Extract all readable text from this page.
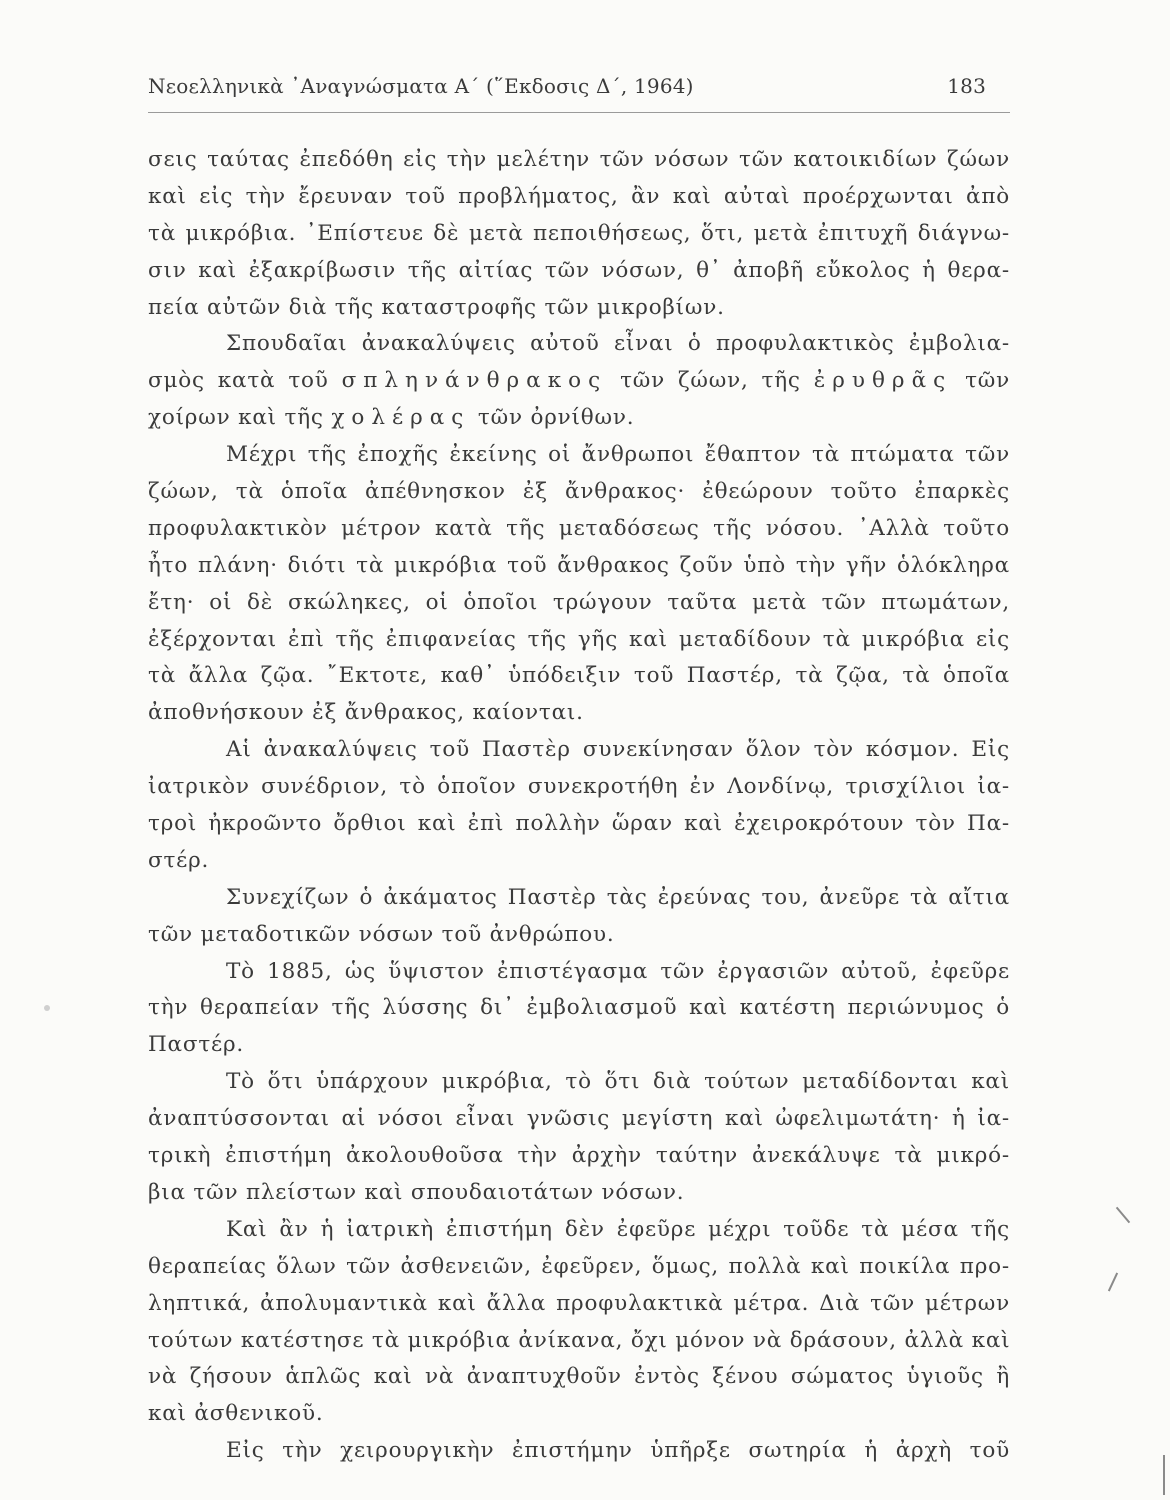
Νεοελληνικὰ ᾿Αναγνώσματα Α΄ (῞Εκδοσις Δ΄, 1964)	183
σεις ταύτας ἐπεδόθη εἰς τὴν μελέτην τῶν νόσων τῶν κατοικιδίων ζώων
καὶ εἰς τὴν ἔρευναν τοῦ προβλήματος, ἂν καὶ αὐταὶ προέρχωνται ἀπὸ
τὰ μικρόβια. ᾿Επίστευε δὲ μετὰ πεποιθήσεως, ὅτι, μετὰ ἐπιτυχῆ διάγνω-
σιν καὶ ἐξακρίβωσιν τῆς αἰτίας τῶν νόσων, θ᾿ ἀποβῆ εὔκολος ἡ θερα-
πεία αὐτῶν διὰ τῆς καταστροφῆς τῶν μικροβίων.
Σπουδαῖαι ἀνακαλύψεις αὐτοῦ εἶναι ὁ προφυλακτικὸς ἐμβολια-
σμὸς κατὰ τοῦ σπληνάνθρακος τῶν ζώων, τῆς ἐρυθρᾶς τῶν
χοίρων καὶ τῆς χολέρας τῶν ὀρνίθων.
Μέχρι τῆς ἐποχῆς ἐκείνης οἱ ἄνθρωποι ἔθαπτον τὰ πτώματα τῶν
ζώων, τὰ ὁποῖα ἀπέθνησκον ἐξ ἄνθρακος· ἐθεώρουν τοῦτο ἐπαρκὲς
προφυλακτικὸν μέτρον κατὰ τῆς μεταδόσεως τῆς νόσου. ᾿Αλλὰ τοῦτο
ἦτο πλάνη· διότι τὰ μικρόβια τοῦ ἄνθρακος ζοῦν ὑπὸ τὴν γῆν ὁλόκληρα
ἔτη· οἱ δὲ σκώληκες, οἱ ὁποῖοι τρώγουν ταῦτα μετὰ τῶν πτωμάτων,
ἐξέρχονται ἐπὶ τῆς ἐπιφανείας τῆς γῆς καὶ μεταδίδουν τὰ μικρόβια εἰς
τὰ ἄλλα ζῷα. ῎Εκτοτε, καθ᾿ ὑπόδειξιν τοῦ Παστέρ, τὰ ζῷα, τὰ ὁποῖα
ἀποθνήσκουν ἐξ ἄνθρακος, καίονται.
Αἱ ἀνακαλύψεις τοῦ Παστὲρ συνεκίνησαν ὅλον τὸν κόσμον. Εἰς
ἰατρικὸν συνέδριον, τὸ ὁποῖον συνεκροτήθη ἐν Λονδίνῳ, τρισχίλιοι ἰα-
τροὶ ἠκροῶντο ὄρθιοι καὶ ἐπὶ πολλὴν ὥραν καὶ ἐχειροκρότουν τὸν Πα-
στέρ.
Συνεχίζων ὁ ἀκάματος Παστὲρ τὰς ἐρεύνας του, ἀνεῦρε τὰ αἴτια
τῶν μεταδοτικῶν νόσων τοῦ ἀνθρώπου.
Τὸ 1885, ὡς ὕψιστον ἐπιστέγασμα τῶν ἐργασιῶν αὐτοῦ, ἐφεῦρε
τὴν θεραπείαν τῆς λύσσης δι᾿ ἐμβολιασμοῦ καὶ κατέστη περιώνυμος ὁ
Παστέρ.
Τὸ ὅτι ὑπάρχουν μικρόβια, τὸ ὅτι διὰ τούτων μεταδίδονται καὶ
ἀναπτύσσονται αἱ νόσοι εἶναι γνῶσις μεγίστη καὶ ὠφελιμωτάτη· ἡ ἰα-
τρικὴ ἐπιστήμη ἀκολουθοῦσα τὴν ἀρχὴν ταύτην ἀνεκάλυψε τὰ μικρό-
βια τῶν πλείστων καὶ σπουδαιοτάτων νόσων.
Καὶ ἂν ἡ ἰατρικὴ ἐπιστήμη δὲν ἐφεῦρε μέχρι τοῦδε τὰ μέσα τῆς
θεραπείας ὅλων τῶν ἀσθενειῶν, ἐφεῦρεν, ὅμως, πολλὰ καὶ ποικίλα προ-
ληπτικά, ἀπολυμαντικὰ καὶ ἄλλα προφυλακτικὰ μέτρα. Διὰ τῶν μέτρων
τούτων κατέστησε τὰ μικρόβια ἀνίκανα, ὄχι μόνον νὰ δράσουν, ἀλλὰ καὶ
νὰ ζήσουν ἁπλῶς καὶ νὰ ἀναπτυχθοῦν ἐντὸς ξένου σώματος ὑγιοῦς ἢ
καὶ ἀσθενικοῦ.
Εἰς τὴν χειρουργικὴν ἐπιστήμην ὑπῆρξε σωτηρία ἡ ἀρχὴ τοῦ
